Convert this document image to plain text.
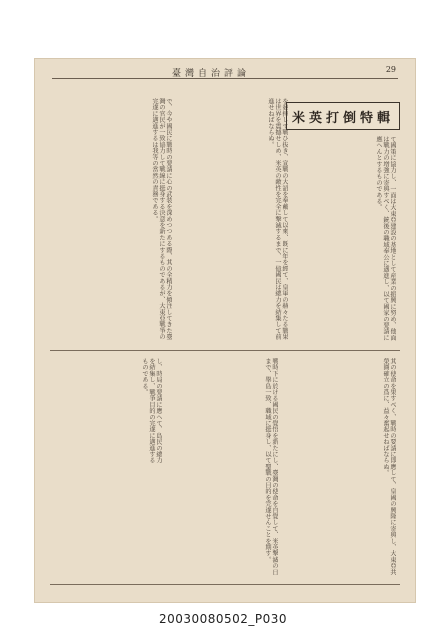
臺灣自治評論	29
米英打倒特輯
て國策に協力し、一面は大東亞建設の基地として産業の振興に努め、他面は戰力の増強に寄與すべく、銃後の職域奉公に邁進し、以て國家の要請に應へんとするものである。
を發揮して戰ひ抜き、宣戰の大詔を奉戴して以來、既に年を經て、皇軍の赫々たる戰果は世界を震撼せしめ、米英の敵性を完全に撃滅するまで、一億國民は總力を結集して前進せねばならぬ。
で、今や國民に戰時の要請に心の武装を深めつつある際、其の全精力を傾注してきた臺灣の官民が一致協力して戰線に挺身する決意を新たにするものであるが、大東亞戰爭の完遂に邁進するは我等の當然の責務である。
其の使命を果すべく、戰時の要請に即應して、皇國の興隆に寄與し、大東亞共榮圏確立の爲に、益々奮起せねばならぬ。
戦時下に於ける國民の覺悟を新たにし、臺灣の使命を自覺して、米英撃滅の日まで、擧島一致、職域に挺身し、以て聖戰の目的を完遂せんことを期す。
し、時局の要請に應へて、島民の總力を結集し、戰爭目的の完遂に邁進するものである。
20030080502_P030
